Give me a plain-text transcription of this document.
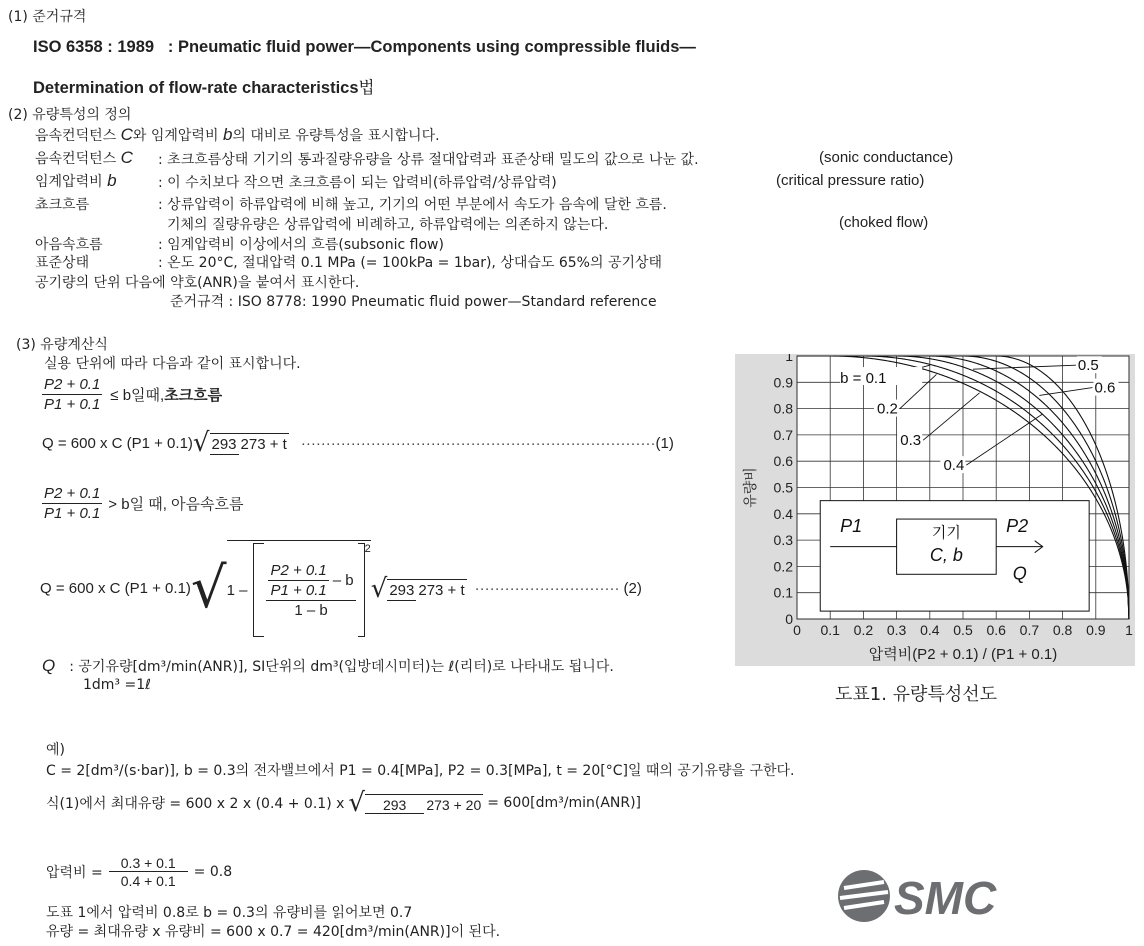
(1) 준거규격
ISO 6358 : 1989 : Pneumatic fluid power—Components using compressible fluids—
Determination of flow-rate characteristics법
(2) 유량특성의 정의
음속컨덕턴스 C와 임계압력비 b의 대비로 유량특성을 표시합니다.
음속컨덕턴스 C : 초크흐름상태 기기의 통과질량유량을 상류 절대압력과 표준상태 밀도의 값으로 나눈 값.	(sonic conductance)
임계압력비 b	: 이 수치보다 작으면 초크흐름이 되는 압력비(하류압력/상류압력)	(critical pressure ratio)
쵸크흐름	: 상류압력이 하류압력에 비해 높고, 기기의 어떤 부분에서 속도가 음속에 달한 흐름.
기체의 질량유량은 상류압력에 비례하고, 하류압력에는 의존하지 않는다.	(choked flow)
아음속흐름	: 임계압력비 이상에서의 흐름(subsonic flow)
표준상태	: 온도 20°C, 절대압력 0.1 MPa (= 100kPa = 1bar), 상대습도 65%의 공기상태
공기량의 단위 다음에 약호(ANR)을 붙여서 표시한다.
준거규격 : ISO 8778: 1990 Pneumatic fluid power—Standard reference
(3) 유량계산식
실용 단위에 따라 다음과 같이 표시합니다.
$\frac{P2 + 0.1}{P1 + 0.1} \le b$일때, 초크흐름
Q = 600 x C (P1 + 0.1) √ 293 273 + t ······································································· (1)
$\frac{P2 + 0.1}{P1 + 0.1} > b$일 때, 아음속흐름
Q = 600 x C (P1 + 0.1) √ $1 - \frac{\frac{P2 + 0.1}{P1 + 0.1} - b}{1 - b}$
$^2$
√ 293 273 + t ····························· (2)
Q : 공기유량[dm³/min(ANR)], SI단위의 dm³(입방데시미터)는 ℓ(리터)로 나타내도 됩니다.
1dm³ =1ℓ
예)
C = 2[dm³/(s·bar)], b = 0.3의 전자밸브에서 P1 = 0.4[MPa], P2 = 0.3[MPa], t = 20[°C]일 때의 공기유량을 구한다.
식(1)에서 최대유량 = 600 x 2 x (0.4 + 0.1) x √	293 273 + 20 = 600[dm³/min(ANR)]
압력비 = $\frac{0.3 + 0.1}{0.4 + 0.1} = 0.8$
도표 1에서 압력비 0.8로 b = 0.3의 유량비를 읽어보면 0.7
유량 = 최대유량 x 유량비 = 600 x 0.7 = 420[dm³/min(ANR)]이 된다.
0 0.1 0.2 0.3 0.4 0.5 0.6 0.7 0.8 0.9 1
0
0.1
0.2
0.3
0.4
0.5
0.6
0.7
0.8
0.9
1
유량비
압력비(P2 + 0.1) / (P1 + 0.1)
0.5
0.6
0.2
0.3
0.4
b = 0.1
P1	P2
Q
기기
C, b
도표1. 유량특성선도
SMC
